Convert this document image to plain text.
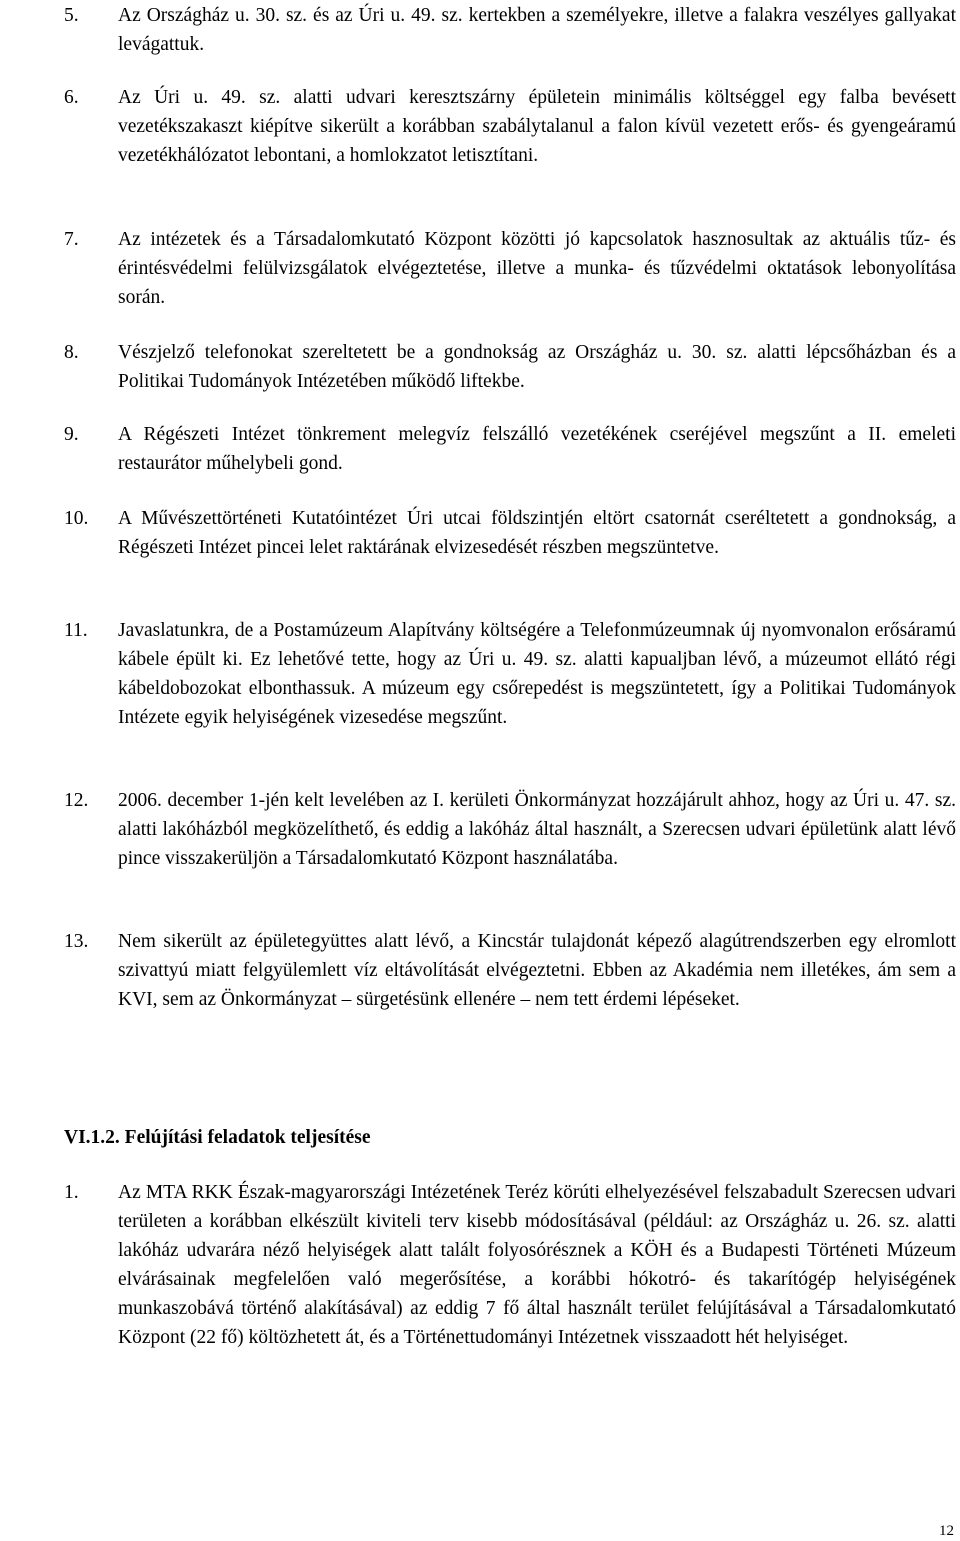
5. Az Országház u. 30. sz. és az Úri u. 49. sz. kertekben a személyekre, illetve a falakra veszélyes gallyakat levágattuk.
6. Az Úri u. 49. sz. alatti udvari keresztszárny épületein minimális költséggel egy falba bevésett vezetékszakaszt kiépítve sikerült a korábban szabálytalanul a falon kívül vezetett erős- és gyengeáramú vezetékhálózatot lebontani, a homlokzatot letisztítani.
7. Az intézetek és a Társadalomkutató Központ közötti jó kapcsolatok hasznosultak az aktuális tűz- és érintésvédelmi felülvizsgálatok elvégeztetése, illetve a munka- és tűzvédelmi oktatások lebonyolítása során.
8. Vészjelző telefonokat szereltetett be a gondnokság az Országház u. 30. sz. alatti lépcsőházban és a Politikai Tudományok Intézetében működő liftekbe.
9. A Régészeti Intézet tönkrement melegvíz felszálló vezetékének cseréjével megszűnt a II. emeleti restaurátor műhelybeli gond.
10. A Művészettörténeti Kutatóintézet Úri utcai földszintjén eltört csatornát cseréltetett a gondnokság, a Régészeti Intézet pincei lelet raktárának elvizesedését részben megszüntetve.
11. Javaslatunkra, de a Postamúzeum Alapítvány költségére a Telefonmúzeumnak új nyomvonalon erősáramú kábele épült ki. Ez lehetővé tette, hogy az Úri u. 49. sz. alatti kapualjban lévő, a múzeumot ellátó régi kábeldobozokat elbonthassuk. A múzeum egy csőrepedést is megszüntetett, így a Politikai Tudományok Intézete egyik helyiségének vizesedése megszűnt.
12. 2006. december 1-jén kelt levelében az I. kerületi Önkormányzat hozzájárult ahhoz, hogy az Úri u. 47. sz. alatti lakóházból megközelíthető, és eddig a lakóház által használt, a Szerecsen udvari épületünk alatt lévő pince visszakerüljön a Társadalomkutató Központ használatába.
13. Nem sikerült az épületegyüttes alatt lévő, a Kincstár tulajdonát képező alagútrendszerben egy elromlott szivattyú miatt felgyülemlett víz eltávolítását elvégeztetni. Ebben az Akadémia nem illetékes, ám sem a KVI, sem az Önkormányzat – sürgetésünk ellenére – nem tett érdemi lépéseket.
VI.1.2. Felújítási feladatok teljesítése
1. Az MTA RKK Észak-magyarországi Intézetének Teréz körúti elhelyezésével felszabadult Szerecsen udvari területen a korábban elkészült kiviteli terv kisebb módosításával (például: az Országház u. 26. sz. alatti lakóház udvarára néző helyiségek alatt talált folyosórésznek a KÖH és a Budapesti Történeti Múzeum elvárásainak megfelelően való megerősítése, a korábbi hókotró- és takarítógép helyiségének munkaszobává történő alakításával) az eddig 7 fő által használt terület felújításával a Társadalomkutató Központ (22 fő) költözhetett át, és a Történettudományi Intézetnek visszaadott hét helyiséget.
12
